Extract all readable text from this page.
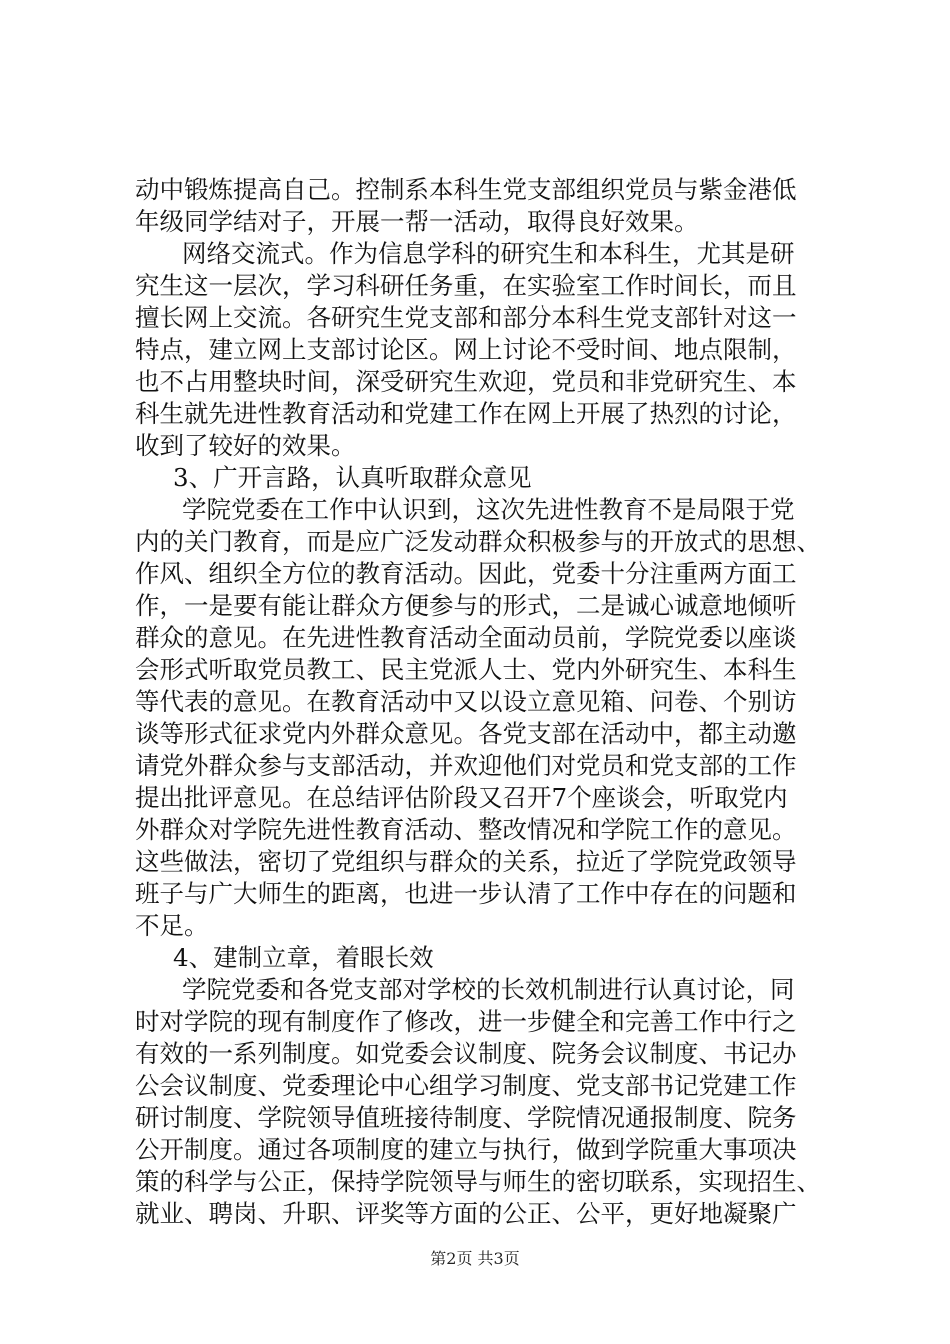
动中锻炼提高自己。控制系本科生党支部组织党员与紫金港低
年级同学结对子，开展一帮一活动，取得良好效果。
网络交流式。作为信息学科的研究生和本科生，尤其是研
究生这一层次，学习科研任务重，在实验室工作时间长，而且
擅长网上交流。各研究生党支部和部分本科生党支部针对这一
特点，建立网上支部讨论区。网上讨论不受时间、地点限制，
也不占用整块时间，深受研究生欢迎，党员和非党研究生、本
科生就先进性教育活动和党建工作在网上开展了热烈的讨论，
收到了较好的效果。
3、广开言路，认真听取群众意见
学院党委在工作中认识到，这次先进性教育不是局限于党
内的关门教育，而是应广泛发动群众积极参与的开放式的思想、
作风、组织全方位的教育活动。因此，党委十分注重两方面工
作，一是要有能让群众方便参与的形式，二是诚心诚意地倾听
群众的意见。在先进性教育活动全面动员前，学院党委以座谈
会形式听取党员教工、民主党派人士、党内外研究生、本科生
等代表的意见。在教育活动中又以设立意见箱、问卷、个别访
谈等形式征求党内外群众意见。各党支部在活动中，都主动邀
请党外群众参与支部活动，并欢迎他们对党员和党支部的工作
提出批评意见。在总结评估阶段又召开7个座谈会，听取党内
外群众对学院先进性教育活动、整改情况和学院工作的意见。
这些做法，密切了党组织与群众的关系，拉近了学院党政领导
班子与广大师生的距离，也进一步认清了工作中存在的问题和
不足。
4、建制立章，着眼长效
学院党委和各党支部对学校的长效机制进行认真讨论，同
时对学院的现有制度作了修改，进一步健全和完善工作中行之
有效的一系列制度。如党委会议制度、院务会议制度、书记办
公会议制度、党委理论中心组学习制度、党支部书记党建工作
研讨制度、学院领导值班接待制度、学院情况通报制度、院务
公开制度。通过各项制度的建立与执行，做到学院重大事项决
策的科学与公正，保持学院领导与师生的密切联系，实现招生、
就业、聘岗、升职、评奖等方面的公正、公平，更好地凝聚广
第2页 共3页
